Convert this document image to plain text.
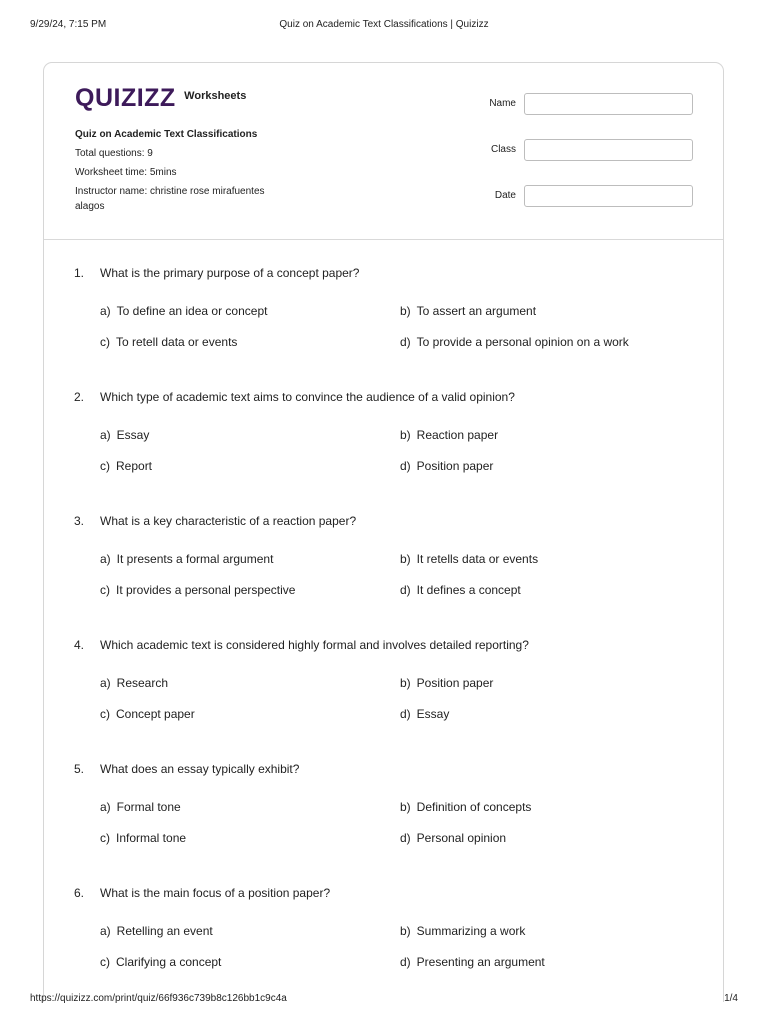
9/29/24, 7:15 PM	Quiz on Academic Text Classifications | Quizizz
QUIZIZZ Worksheets
Quiz on Academic Text Classifications
Total questions: 9
Worksheet time: 5mins
Instructor name: christine rose mirafuentes
alagos
Name
Class
Date
1. What is the primary purpose of a concept paper?
a) To define an idea or concept	b) To assert an argument
c) To retell data or events	d) To provide a personal opinion on a work
2. Which type of academic text aims to convince the audience of a valid opinion?
a) Essay	b) Reaction paper
c) Report	d) Position paper
3. What is a key characteristic of a reaction paper?
a) It presents a formal argument	b) It retells data or events
c) It provides a personal perspective	d) It defines a concept
4. Which academic text is considered highly formal and involves detailed reporting?
a) Research	b) Position paper
c) Concept paper	d) Essay
5. What does an essay typically exhibit?
a) Formal tone	b) Definition of concepts
c) Informal tone	d) Personal opinion
6. What is the main focus of a position paper?
a) Retelling an event	b) Summarizing a work
c) Clarifying a concept	d) Presenting an argument
https://quizizz.com/print/quiz/66f936c739b8c126bb1c9c4a	1/4
